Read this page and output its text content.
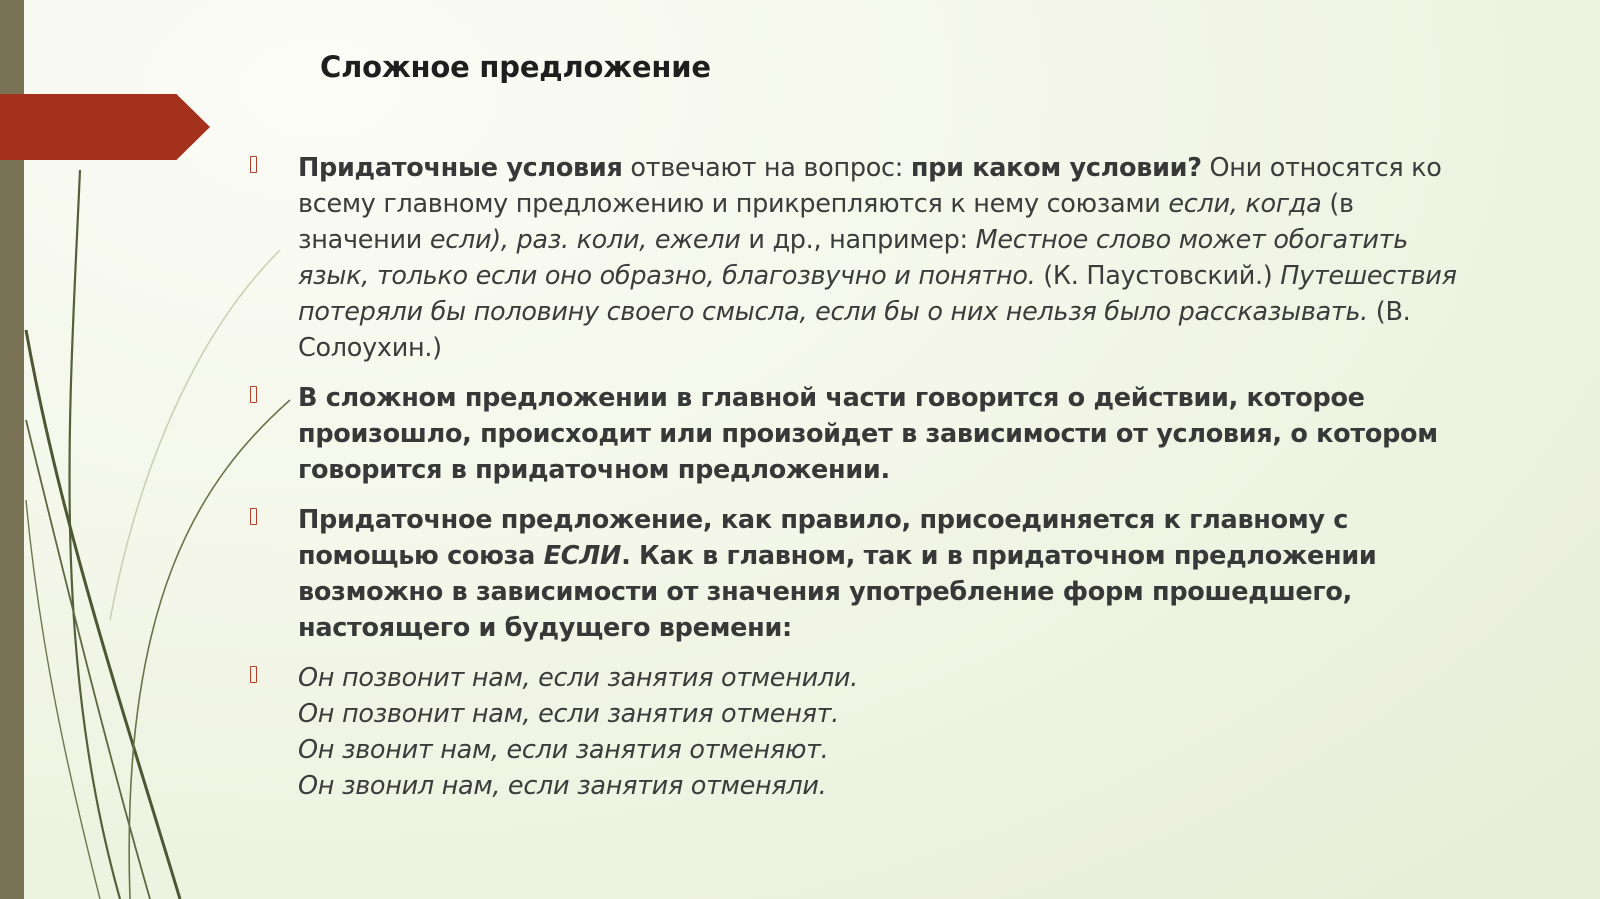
Сложное предложение
Придаточные условия отвечают на вопрос: при каком условии? Они относятся ко всему главному предложению и прикрепляются к нему союзами если, когда (в значении если), раз. коли, ежели и др., например: Местное слово может обогатить язык, только если оно образно, благозвучно и понятно. (К. Паустовский.) Путешествия потеряли бы половину своего смысла, если бы о них нельзя было рассказывать. (В. Солоухин.)
В сложном предложении в главной части говорится о действии, которое произошло, происходит или произойдет в зависимости от условия, о котором говорится в придаточном предложении.
Придаточное предложение, как правило, присоединяется к главному с помощью союза ЕСЛИ. Как в главном, так и в придаточном предложении возможно в зависимости от значения употребление форм прошедшего, настоящего и будущего времени:
Он позвонит нам, если занятия отменили.
Он позвонит нам, если занятия отменят.
Он звонит нам, если занятия отменяют.
Он звонил нам, если занятия отменяли.
